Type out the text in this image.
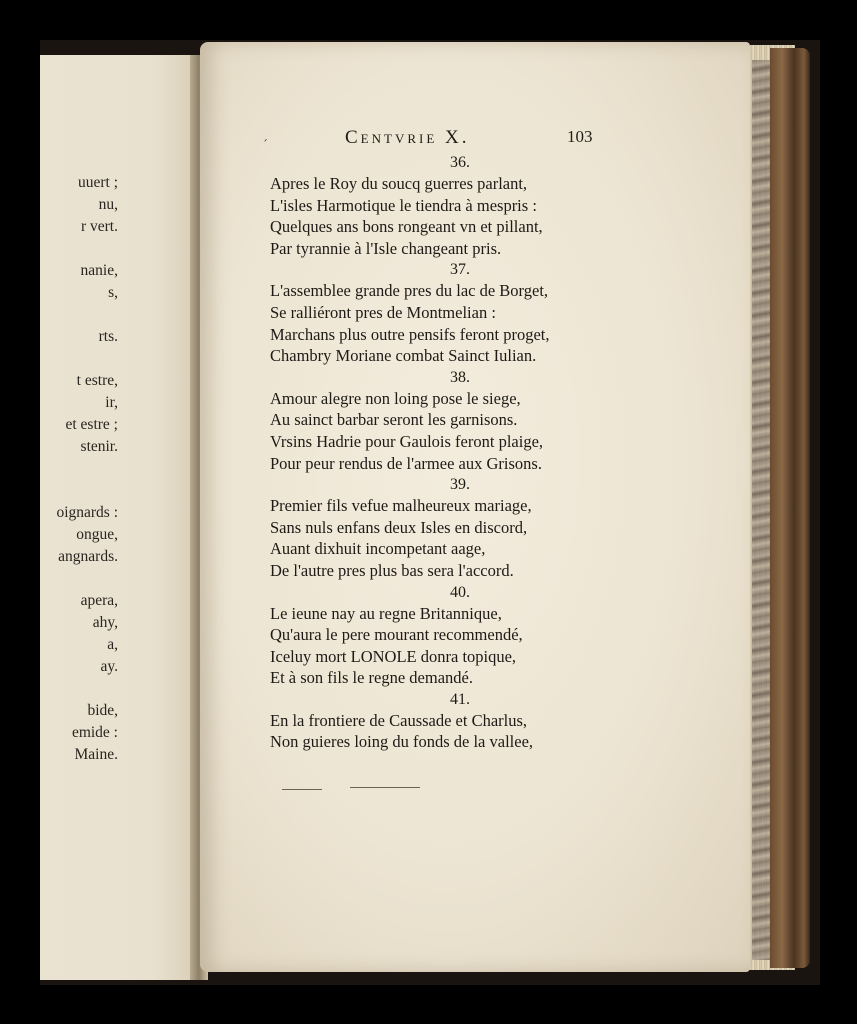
uuert ;
nu,
r vert.
nanie,
s,
rts.
t estre,
ir,
et estre ;
stenir.
oignards :
ongue,
angnards.
apera,
ahy,
a,
ay.
bide,
emide :
Maine.
´	Centvrie X.	103
36.
Apres le Roy du soucq guerres parlant,
L'isles Harmotique le tiendra à mespris :
Quelques ans bons rongeant vn et pillant,
Par tyrannie à l'Isle changeant pris.
37.
L'assemblee grande pres du lac de Borget,
Se ralliéront pres de Montmelian :
Marchans plus outre pensifs feront proget,
Chambry Moriane combat Sainct Iulian.
38.
Amour alegre non loing pose le siege,
Au sainct barbar seront les garnisons.
Vrsins Hadrie pour Gaulois feront plaige,
Pour peur rendus de l'armee aux Grisons.
39.
Premier fils vefue malheureux mariage,
Sans nuls enfans deux Isles en discord,
Auant dixhuit incompetant aage,
De l'autre pres plus bas sera l'accord.
40.
Le ieune nay au regne Britannique,
Qu'aura le pere mourant recommendé,
Iceluy mort LONOLE donra topique,
Et à son fils le regne demandé.
41.
En la frontiere de Caussade et Charlus,
Non guieres loing du fonds de la vallee,
